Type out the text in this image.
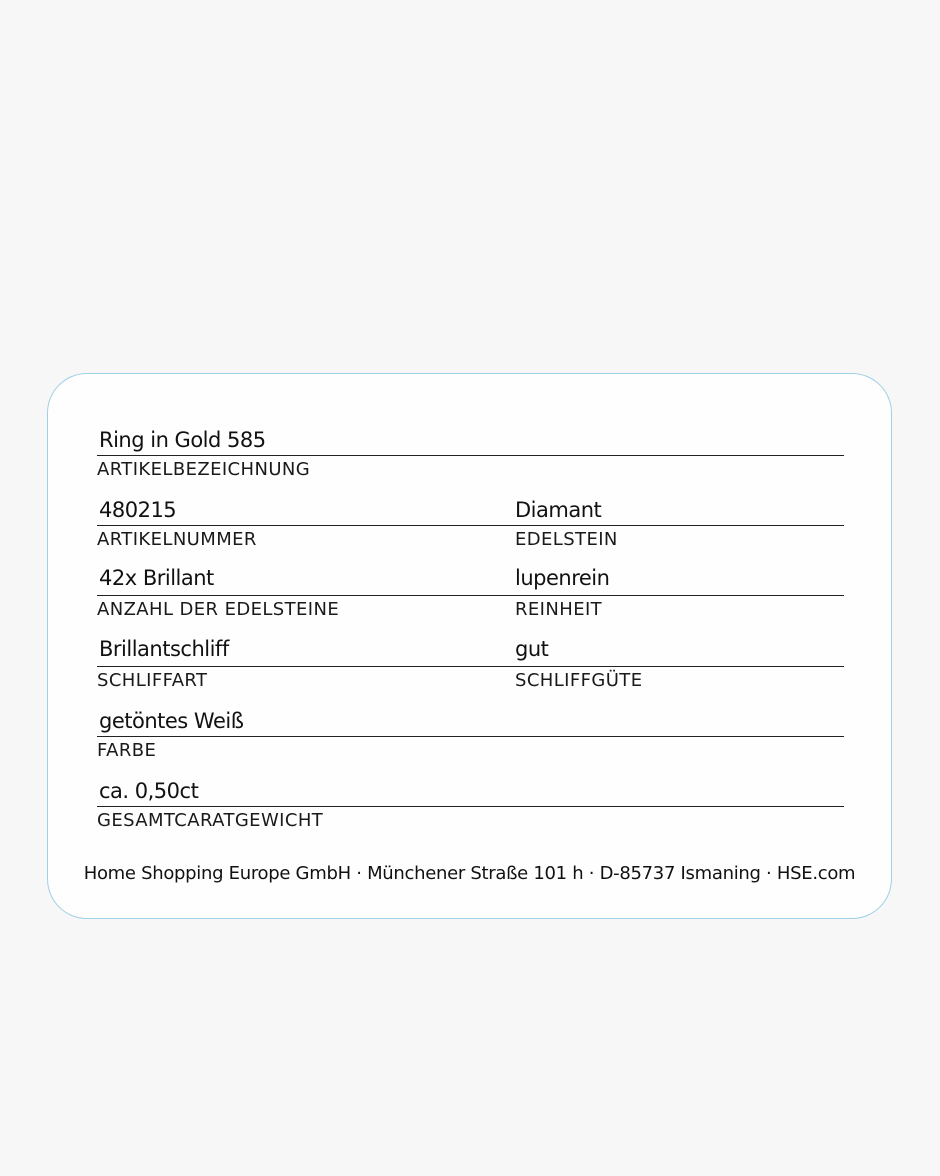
Ring in Gold 585
ARTIKELBEZEICHNUNG
480215	Diamant
ARTIKELNUMMER	EDELSTEIN
42x Brillant	lupenrein
ANZAHL DER EDELSTEINE	REINHEIT
Brillantschliff	gut
SCHLIFFART	SCHLIFFGÜTE
getöntes Weiß
FARBE
ca. 0,50ct
GESAMTCARATGEWICHT
Home Shopping Europe GmbH · Münchener Straße 101 h · D-85737 Ismaning · HSE.com
